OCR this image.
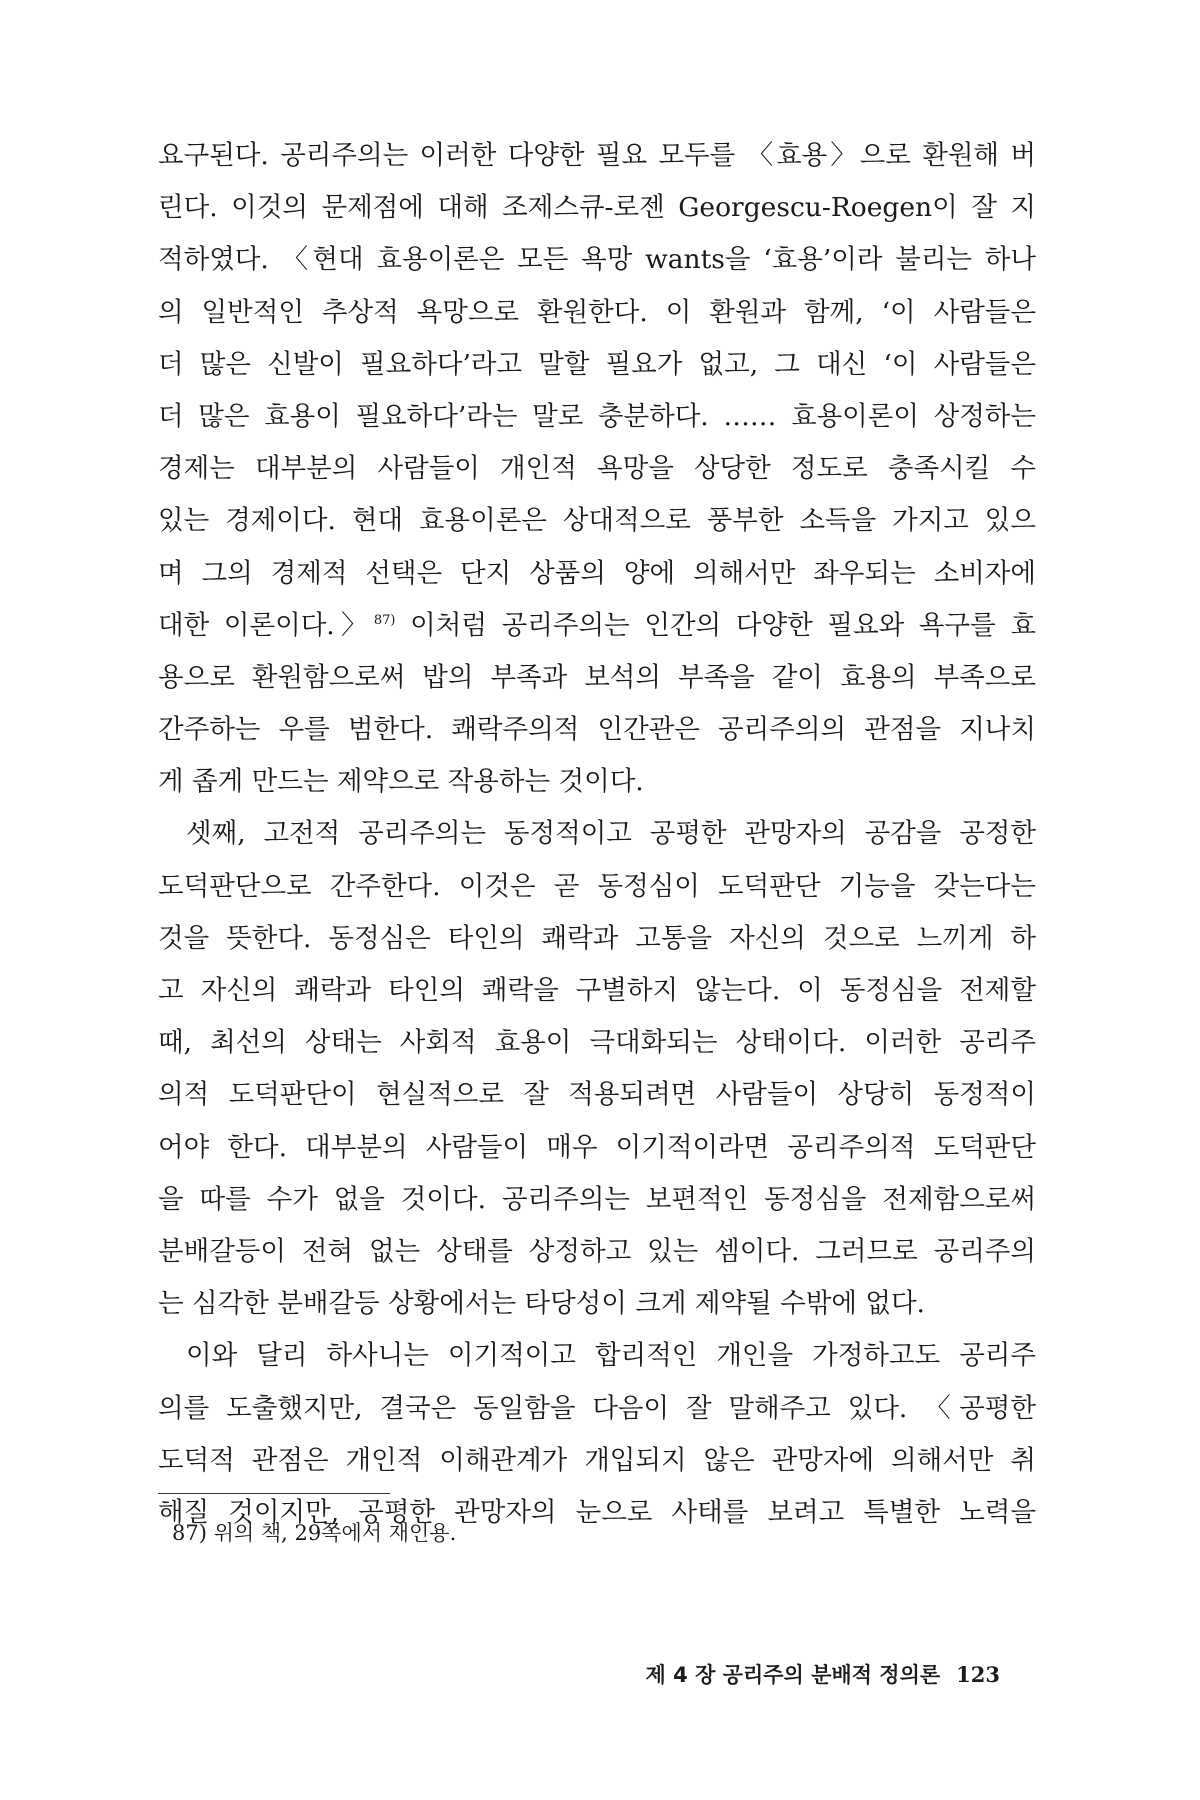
요구된다. 공리주의는 이러한 다양한 필요 모두를 〈효용〉으로 환원해 버
린다. 이것의 문제점에 대해 조제스큐-로젠 Georgescu-Roegen이 잘 지
적하였다. 〈현대 효용이론은 모든 욕망 wants을 ‘효용’이라 불리는 하나
의 일반적인 추상적 욕망으로 환원한다. 이 환원과 함께, ‘이 사람들은
더 많은 신발이 필요하다’라고 말할 필요가 없고, 그 대신 ‘이 사람들은
더 많은 효용이 필요하다’라는 말로 충분하다. …… 효용이론이 상정하는
경제는 대부분의 사람들이 개인적 욕망을 상당한 정도로 충족시킬 수
있는 경제이다. 현대 효용이론은 상대적으로 풍부한 소득을 가지고 있으
며 그의 경제적 선택은 단지 상품의 양에 의해서만 좌우되는 소비자에
대한 이론이다.〉$^{87)}$ 이처럼 공리주의는 인간의 다양한 필요와 욕구를 효
용으로 환원함으로써 밥의 부족과 보석의 부족을 같이 효용의 부족으로
간주하는 우를 범한다. 쾌락주의적 인간관은 공리주의의 관점을 지나치
게 좁게 만드는 제약으로 작용하는 것이다.
셋째, 고전적 공리주의는 동정적이고 공평한 관망자의 공감을 공정한
도덕판단으로 간주한다. 이것은 곧 동정심이 도덕판단 기능을 갖는다는
것을 뜻한다. 동정심은 타인의 쾌락과 고통을 자신의 것으로 느끼게 하
고 자신의 쾌락과 타인의 쾌락을 구별하지 않는다. 이 동정심을 전제할
때, 최선의 상태는 사회적 효용이 극대화되는 상태이다. 이러한 공리주
의적 도덕판단이 현실적으로 잘 적용되려면 사람들이 상당히 동정적이
어야 한다. 대부분의 사람들이 매우 이기적이라면 공리주의적 도덕판단
을 따를 수가 없을 것이다. 공리주의는 보편적인 동정심을 전제함으로써
분배갈등이 전혀 없는 상태를 상정하고 있는 셈이다. 그러므로 공리주의
는 심각한 분배갈등 상황에서는 타당성이 크게 제약될 수밖에 없다.
이와 달리 하사니는 이기적이고 합리적인 개인을 가정하고도 공리주
의를 도출했지만, 결국은 동일함을 다음이 잘 말해주고 있다. 〈공평한
도덕적 관점은 개인적 이해관계가 개입되지 않은 관망자에 의해서만 취
해질 것이지만, 공평한 관망자의 눈으로 사태를 보려고 특별한 노력을
87) 위의 책, 29쪽에서 재인용.
제 4 장 공리주의 분배적 정의론 123
